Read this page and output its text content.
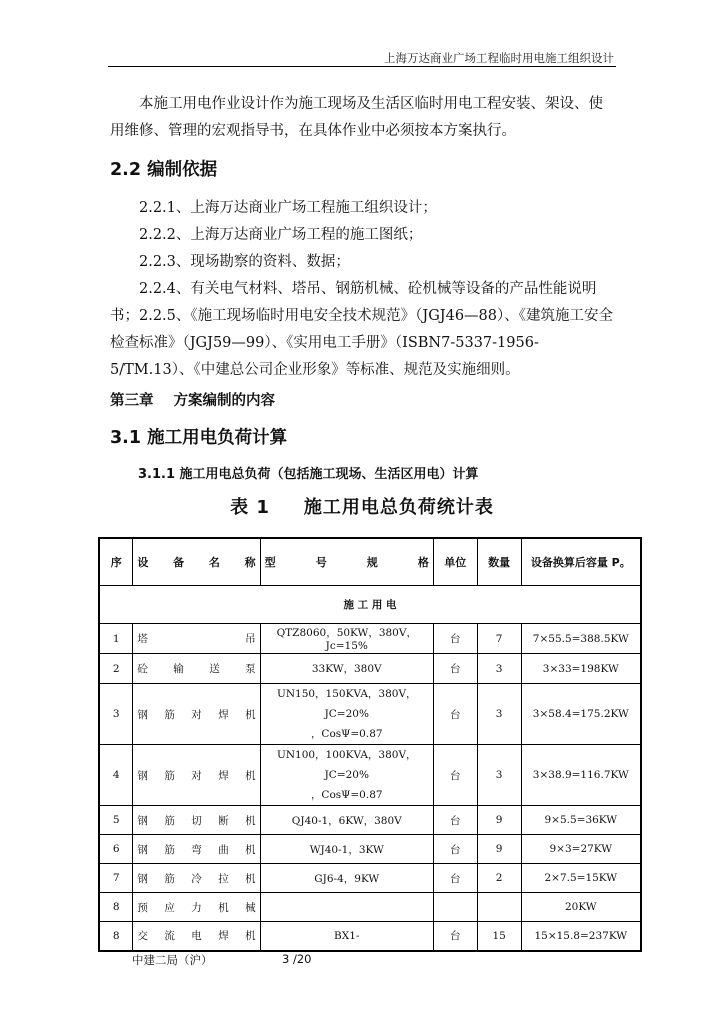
上海万达商业广场工程临时用电施工组织设计
本施工用电作业设计作为施工现场及生活区临时用电工程安装、架设、使用维修、管理的宏观指导书，在具体作业中必须按本方案执行。
2.2 编制依据
2.2.1、上海万达商业广场工程施工组织设计；
2.2.2、上海万达商业广场工程的施工图纸；
2.2.3、现场勘察的资料、数据；
2.2.4、有关电气材料、塔吊、钢筋机械、砼机械等设备的产品性能说明书； 2.2.5、《施工现场临时用电安全技术规范》（JGJ46—88）、《建筑施工安全检查标准》（JGJ59—99）、《实用电工手册》（ISBN7-5337-1956-5/TM.13）、《中建总公司企业形象》等标准、规范及实施细则。
第三章 方案编制的内容
3.1 施工用电负荷计算
3.1.1 施工用电总负荷（包括施工现场、生活区用电）计算
表 1 施工用电总负荷统计表
序	设备名称	型号规格	单位	数量	设备换算后容量 P。
施 工 用 电					
1	塔吊	QTZ8060，50KW，380V，Jc=15%	台	7	7×55.5=388.5KW
2	砼输送泵	33KW，380V	台	3	3×33=198KW
3	钢筋对焊机	UN150，150KVA，380V，JC=20%
，CosΨ=0.87	台	3	3×58.4=175.2KW
4	钢筋对焊机	UN100，100KVA，380V，JC=20%
，CosΨ=0.87	台	3	3×38.9=116.7KW
5	钢筋切断机	QJ40-1，6KW，380V	台	9	9×5.5=36KW
6	钢筋弯曲机	WJ40-1，3KW	台	9	9×3=27KW
7	钢筋冷拉机	GJ6-4，9KW	台	2	2×7.5=15KW
8	预应力机械				20KW
8	交流电焊机	BX1-	台	15	15×15.8=237KW
中建二局（沪）	3 /20
